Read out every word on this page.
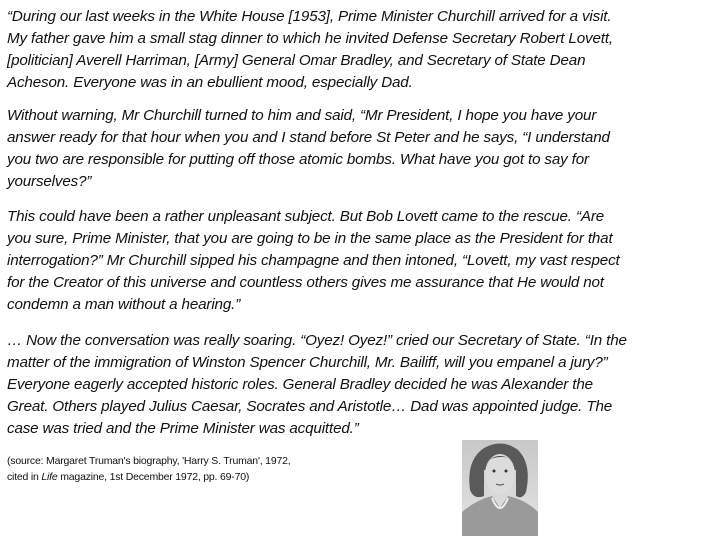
“During our last weeks in the White House [1953], Prime Minister Churchill arrived for a visit.
My father gave him a small stag dinner to which he invited Defense Secretary Robert Lovett,
[politician] Averell Harriman, [Army] General Omar Bradley, and Secretary of State Dean
Acheson. Everyone was in an ebullient mood, especially Dad.
Without warning, Mr Churchill turned to him and said, “Mr President, I hope you have your
answer ready for that hour when you and I stand before St Peter and he says, “I understand
you two are responsible for putting off those atomic bombs. What have you got to say for
yourselves?”
This could have been a rather unpleasant subject. But Bob Lovett came to the rescue. “Are
you sure, Prime Minister, that you are going to be in the same place as the President for that
interrogation?” Mr Churchill sipped his champagne and then intoned, “Lovett, my vast respect
for the Creator of this universe and countless others gives me assurance that He would not
condemn a man without a hearing.”
… Now the conversation was really soaring. “Oyez! Oyez!” cried our Secretary of State. “In the
matter of the immigration of Winston Spencer Churchill, Mr. Bailiff, will you empanel a jury?”
Everyone eagerly accepted historic roles. General Bradley decided he was Alexander the
Great. Others played Julius Caesar, Socrates and Aristotle… Dad was appointed judge. The
case was tried and the Prime Minister was acquitted.”
(source: Margaret Truman's biography, 'Harry S. Truman', 1972,
cited in Life magazine, 1st December 1972, pp. 69-70)
